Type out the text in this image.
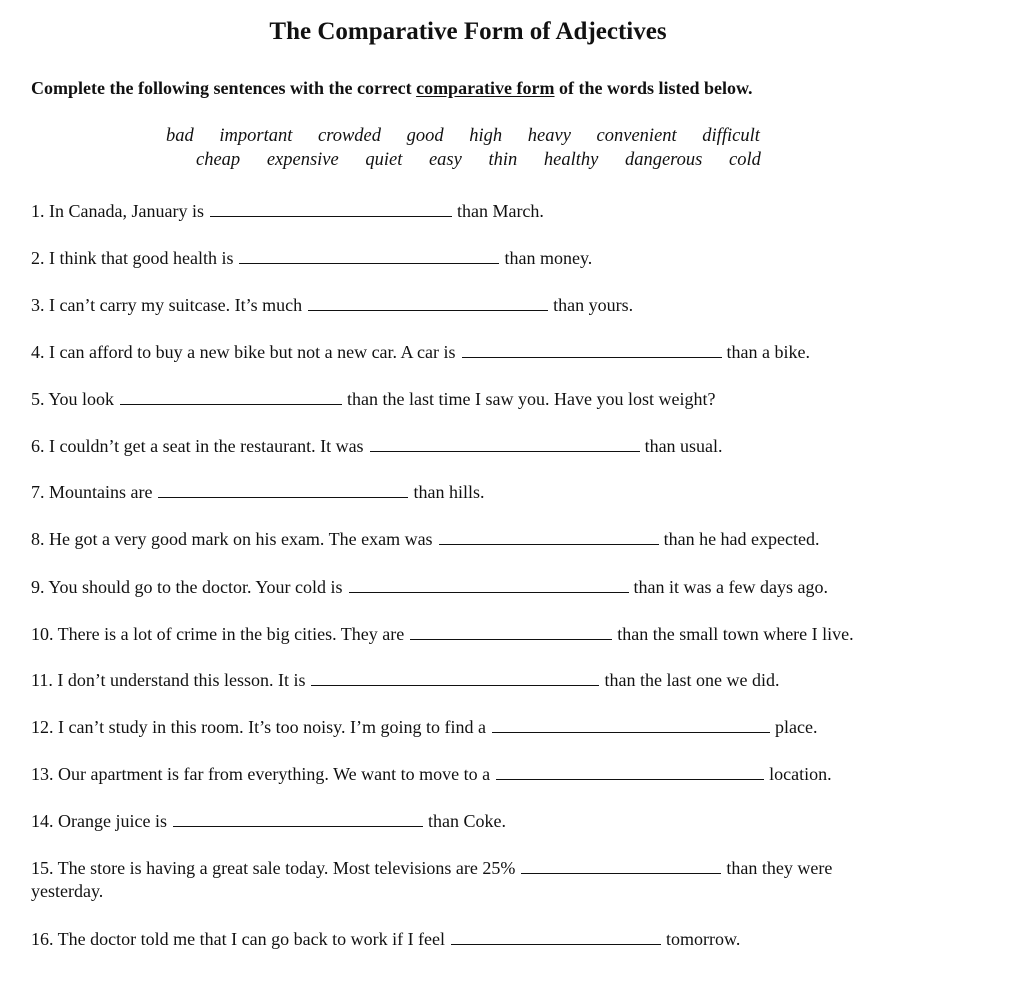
The Comparative Form of Adjectives
Complete the following sentences with the correct comparative form of the words listed below.
bad important crowded good high heavy convenient difficult
cheap expensive quiet easy thin healthy dangerous cold
1. In Canada, January is	than March.
2. I think that good health is	than money.
3. I can’t carry my suitcase. It’s much	than yours.
4. I can afford to buy a new bike but not a new car. A car is	than a bike.
5. You look	than the last time I saw you. Have you lost weight?
6. I couldn’t get a seat in the restaurant. It was	than usual.
7. Mountains are	than hills.
8. He got a very good mark on his exam. The exam was	than he had expected.
9. You should go to the doctor. Your cold is	than it was a few days ago.
10. There is a lot of crime in the big cities. They are	than the small town where I live.
11. I don’t understand this lesson. It is	than the last one we did.
12. I can’t study in this room. It’s too noisy. I’m going to find a	place.
13. Our apartment is far from everything. We want to move to a	location.
14. Orange juice is	than Coke.
15. The store is having a great sale today. Most televisions are 25%	than they were
yesterday.
16. The doctor told me that I can go back to work if I feel	tomorrow.
